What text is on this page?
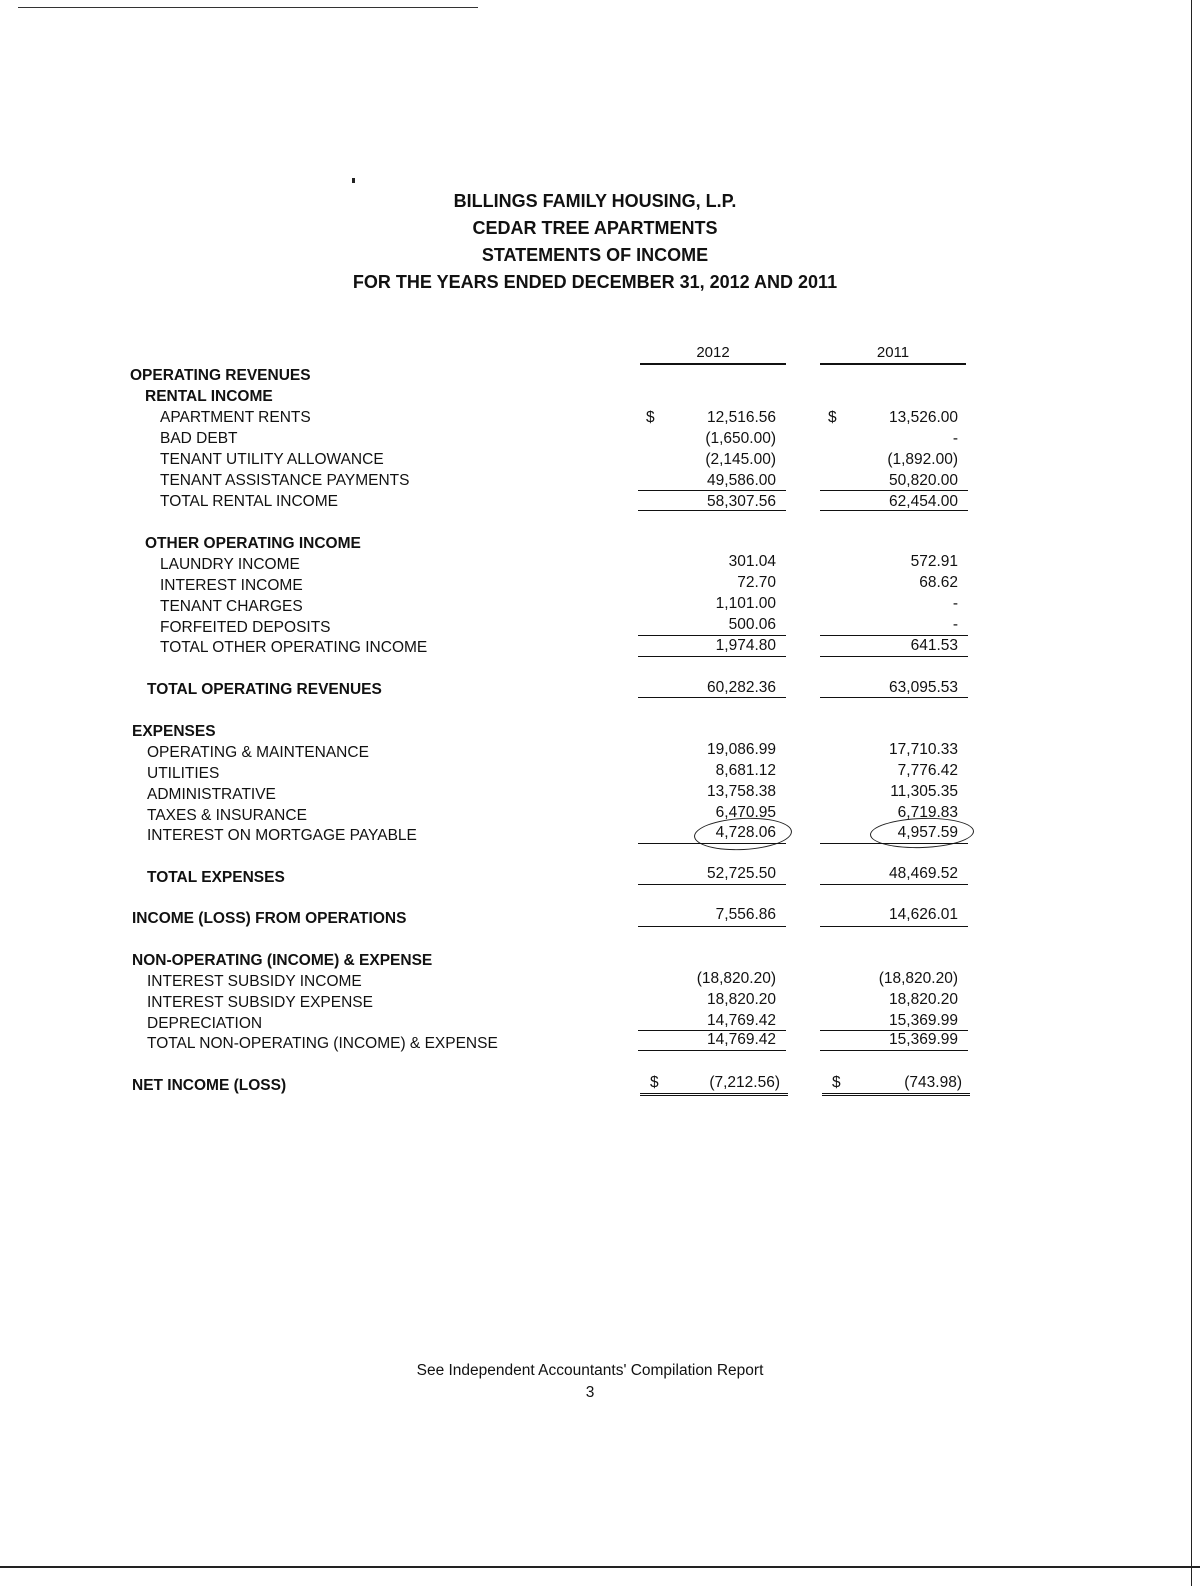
BILLINGS FAMILY HOUSING, L.P.
CEDAR TREE APARTMENTS
STATEMENTS OF INCOME
FOR THE YEARS ENDED DECEMBER 31, 2012 AND 2011
2012	2011
OPERATING REVENUES
RENTAL INCOME
APARTMENT RENTS	$	12,516.56	$	13,526.00
BAD DEBT	(1,650.00)	-
TENANT UTILITY ALLOWANCE	(2,145.00)	(1,892.00)
TENANT ASSISTANCE PAYMENTS	49,586.00	50,820.00
TOTAL RENTAL INCOME	58,307.56	62,454.00
OTHER OPERATING INCOME
LAUNDRY INCOME	301.04	572.91
INTEREST INCOME	72.70	68.62
TENANT CHARGES	1,101.00	-
FORFEITED DEPOSITS	500.06	-
TOTAL OTHER OPERATING INCOME	1,974.80	641.53
TOTAL OPERATING REVENUES	60,282.36	63,095.53
EXPENSES
OPERATING & MAINTENANCE	19,086.99	17,710.33
UTILITIES	8,681.12	7,776.42
ADMINISTRATIVE	13,758.38	11,305.35
TAXES & INSURANCE	6,470.95	6,719.83
INTEREST ON MORTGAGE PAYABLE	4,728.06	4,957.59
TOTAL EXPENSES	52,725.50	48,469.52
INCOME (LOSS) FROM OPERATIONS	7,556.86	14,626.01
NON-OPERATING (INCOME) & EXPENSE
INTEREST SUBSIDY INCOME	(18,820.20)	(18,820.20)
INTEREST SUBSIDY EXPENSE	18,820.20	18,820.20
DEPRECIATION	14,769.42	15,369.99
TOTAL NON-OPERATING (INCOME) & EXPENSE	14,769.42	15,369.99
NET INCOME (LOSS)	$	(7,212.56)	$	(743.98)
See Independent Accountants' Compilation Report
3
